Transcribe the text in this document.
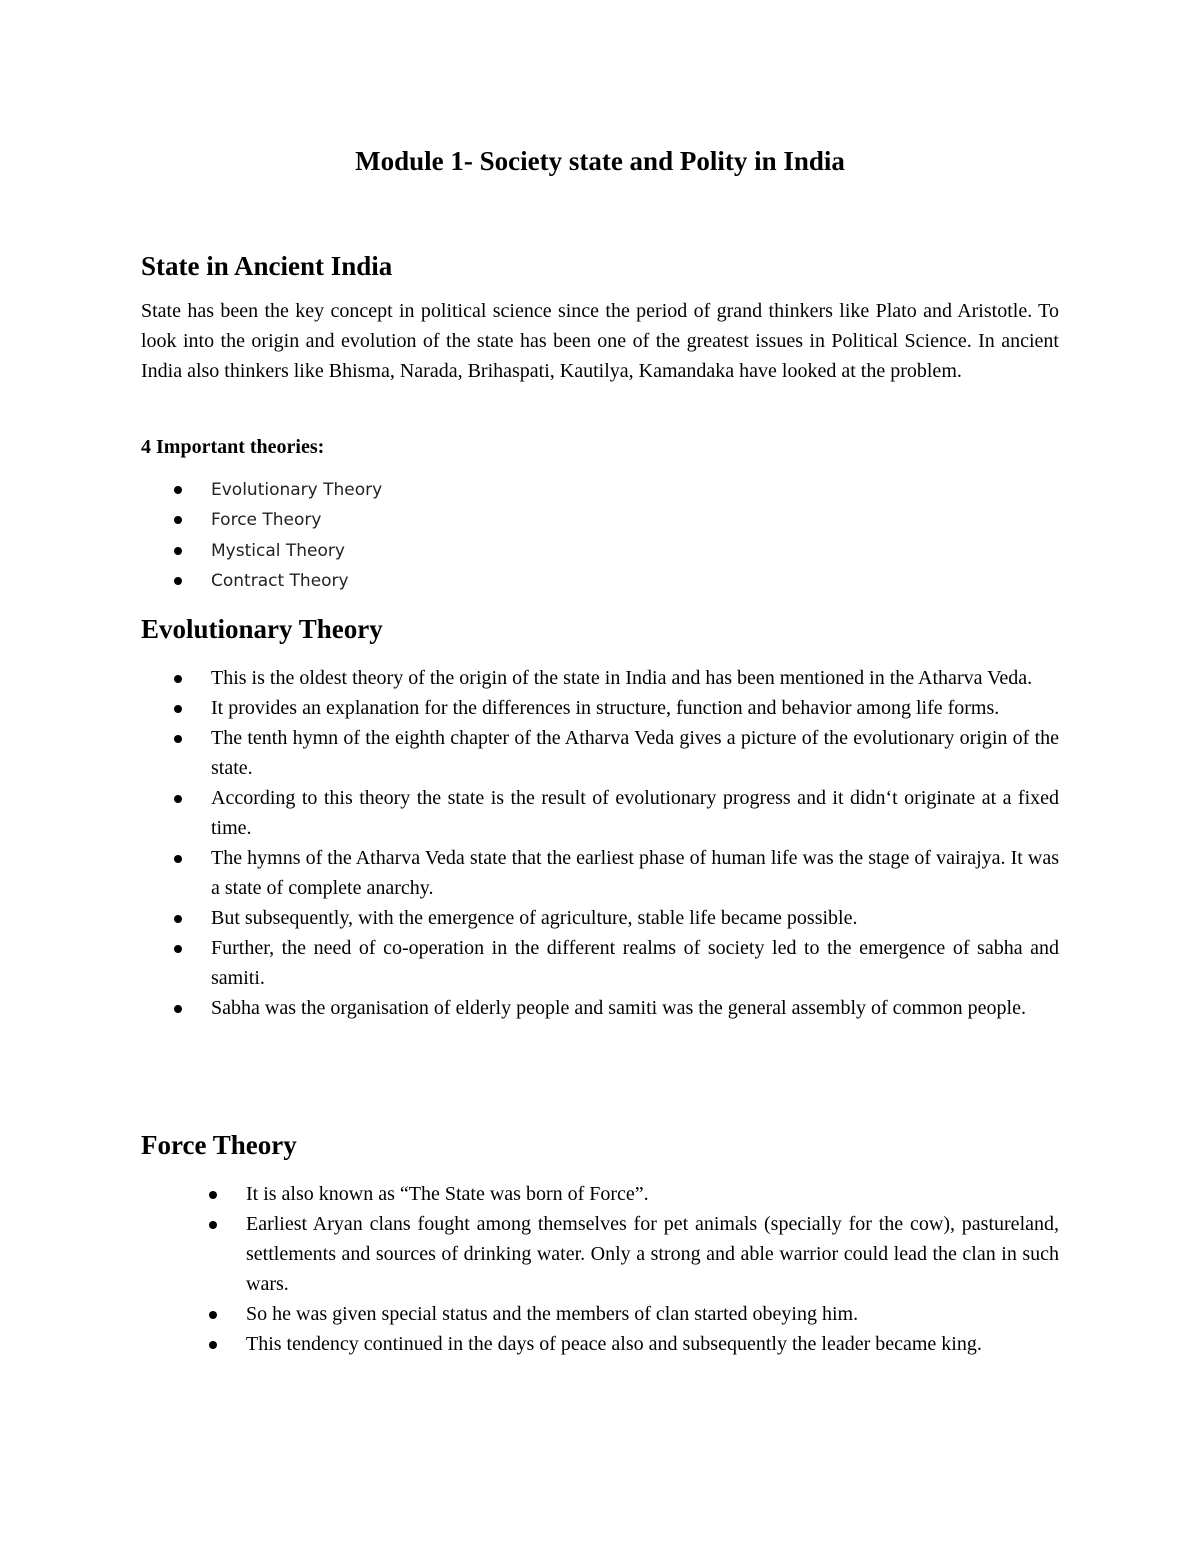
Module 1- Society state and Polity in India
State in Ancient India

State has been the key concept in political science since the period of grand thinkers like Plato and Aristotle. To look into the origin and evolution of the state has been one of the greatest issues in Political Science. In ancient India also thinkers like Bhisma, Narada, Brihaspati, Kautilya, Kamandaka have looked at the problem.

4 Important theories:

Evolutionary Theory
Force Theory
Mystical Theory
Contract Theory
Evolutionary Theory
This is the oldest theory of the origin of the state in India and has been mentioned in the Atharva Veda.
It provides an explanation for the differences in structure, function and behavior among life forms.
The tenth hymn of the eighth chapter of the Atharva Veda gives a picture of the evolutionary origin of the state.
According to this theory the state is the result of evolutionary progress and it didn‘t originate at a fixed time.
The hymns of the Atharva Veda state that the earliest phase of human life was the stage of vairajya. It was a state of complete anarchy.
But subsequently, with the emergence of agriculture, stable life became possible.
Further, the need of co-operation in the different realms of society led to the emergence of sabha and samiti.
Sabha was the organisation of elderly people and samiti was the general assembly of common people.
Force Theory
It is also known as “The State was born of Force”.
Earliest Aryan clans fought among themselves for pet animals (specially for the cow), pastureland, settlements and sources of drinking water. Only a strong and able warrior could lead the clan in such wars.
So he was given special status and the members of clan started obeying him.
This tendency continued in the days of peace also and subsequently the leader became king.
